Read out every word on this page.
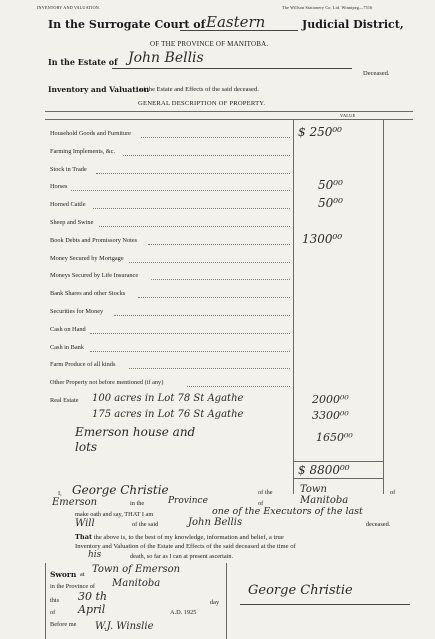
INVENTORY AND VALUATION.	The Willson Stationery Co. Ltd. Winnipeg—7516
In the Surrogate Court of Eastern	Judicial District,
OF THE PROVINCE OF MANITOBA.
In the Estate of John Bellis
Deceased.
Inventory and Valuation
of the Estate and Effects of the said deceased.
GENERAL DESCRIPTION OF PROPERTY.
VALUE
Household Goods and Furniture	$ 250⁰⁰
Farming Implements, &c.
Stock in Trade
Horses	50⁰⁰
Horned Cattle	50⁰⁰
Sheep and Swine
Book Debts and Promissory Notes	1300⁰⁰
Money Secured by Mortgage
Moneys Secured by Life Insurance
Bank Shares and other Stocks
Securities for Money
Cash on Hand
Cash in Bank
Farm Produce of all kinds
Other Property not before mentioned (if any)
Real Estate 100 acres in Lot 78 St Agathe	2000⁰⁰
175 acres in Lot 76 St Agathe	3300⁰⁰
Emerson house and	1650⁰⁰
lots
$ 8800⁰⁰
I, George Christie	of the	Town	of
Emerson	in the	Province	of	Manitoba
make oath and say, THAT I am	one of the Executors of the last
Will	of the said	John Bellis	deceased.
That the above is, to the best of my knowledge, information and belief, a true
Inventory and Valuation of the Estate and Effects of the said deceased at the time of
his	death, so far as I can at present ascertain.
Sworn at Town of Emerson
in the Province of Manitoba
this 30 th	day
of April	A.D. 1925
Before me W.J. Winslie
George Christie
